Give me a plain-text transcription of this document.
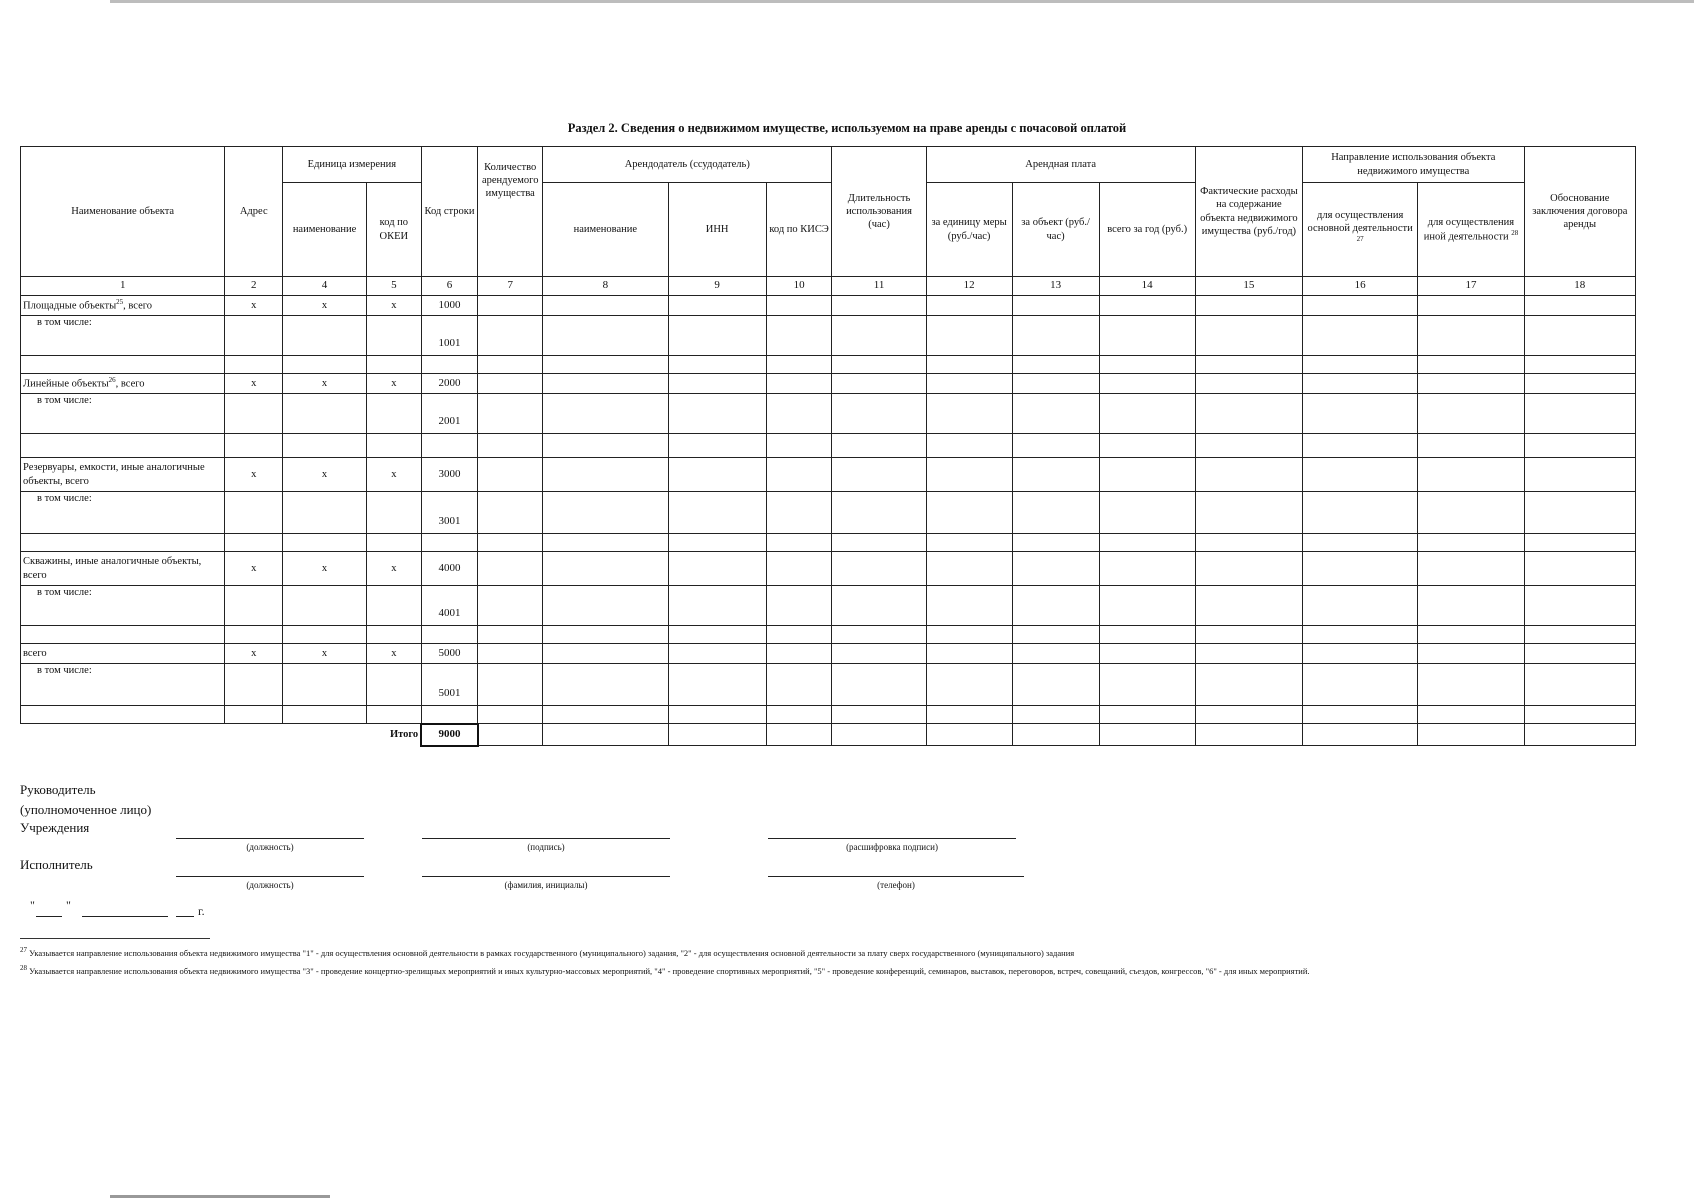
Раздел 2. Сведения о недвижимом имуществе, используемом на праве аренды с почасовой оплатой
Наименование объекта	Адрес	Единица измерения		Код строки	Количество арендуемого имущества	Арендодатель (ссудодатель)			Длительность использования (час)	Арендная плата			Фактические расходы на содержание объекта недвижимого имущества (руб./год)	Направление использования объекта недвижимого имущества		Обоснование заключения договора аренды
		наименование	код по ОКЕИ			наименование	ИНН	код по КИСЭ		за единицу меры (руб./час)	за объект (руб./час)	всего за год (руб.)		для осуществления основной деятельности $^{27}$	для осуществления иной деятельности $^{28}$
1	2	4	5	6	7	8	9	10	11	12	13	14	15	16	17	18
Площадные объекты$^{25}$, всего	x	x	x	1000												
в том числе:				1001												

Линейные объекты$^{26}$, всего	x	x	x	2000												
в том числе:				2001												

Резервуары, емкости, иные аналогичные объекты, всего	x	x	x	3000												
в том числе:				3001												

Скважины, иные аналогичные объекты, всего	x	x	x	4000												
в том числе:				4001												

всего	x	x	x	5000												
в том числе:				5001												

			Итого	9000												
Руководитель
(уполномоченное лицо)
Учреждения
(должность)	(подпись)	(расшифровка подписи)
Исполнитель
(должность)	(фамилия, инициалы)	(телефон)
"	"	г.
$^{27}$ Указывается направление использования объекта недвижимого имущества "1" - для осуществления основной деятельности в рамках государственного (муниципального) задания, "2" - для осуществления основной деятельности за плату сверх государственного (муниципального) задания
$^{28}$ Указывается направление использования объекта недвижимого имущества "3" - проведение концертно-зрелищных мероприятий и иных культурно-массовых мероприятий, "4" - проведение спортивных мероприятий, "5" - проведение конференций, семинаров, выставок, переговоров, встреч, совещаний, съездов, конгрессов, "6" - для иных мероприятий.
